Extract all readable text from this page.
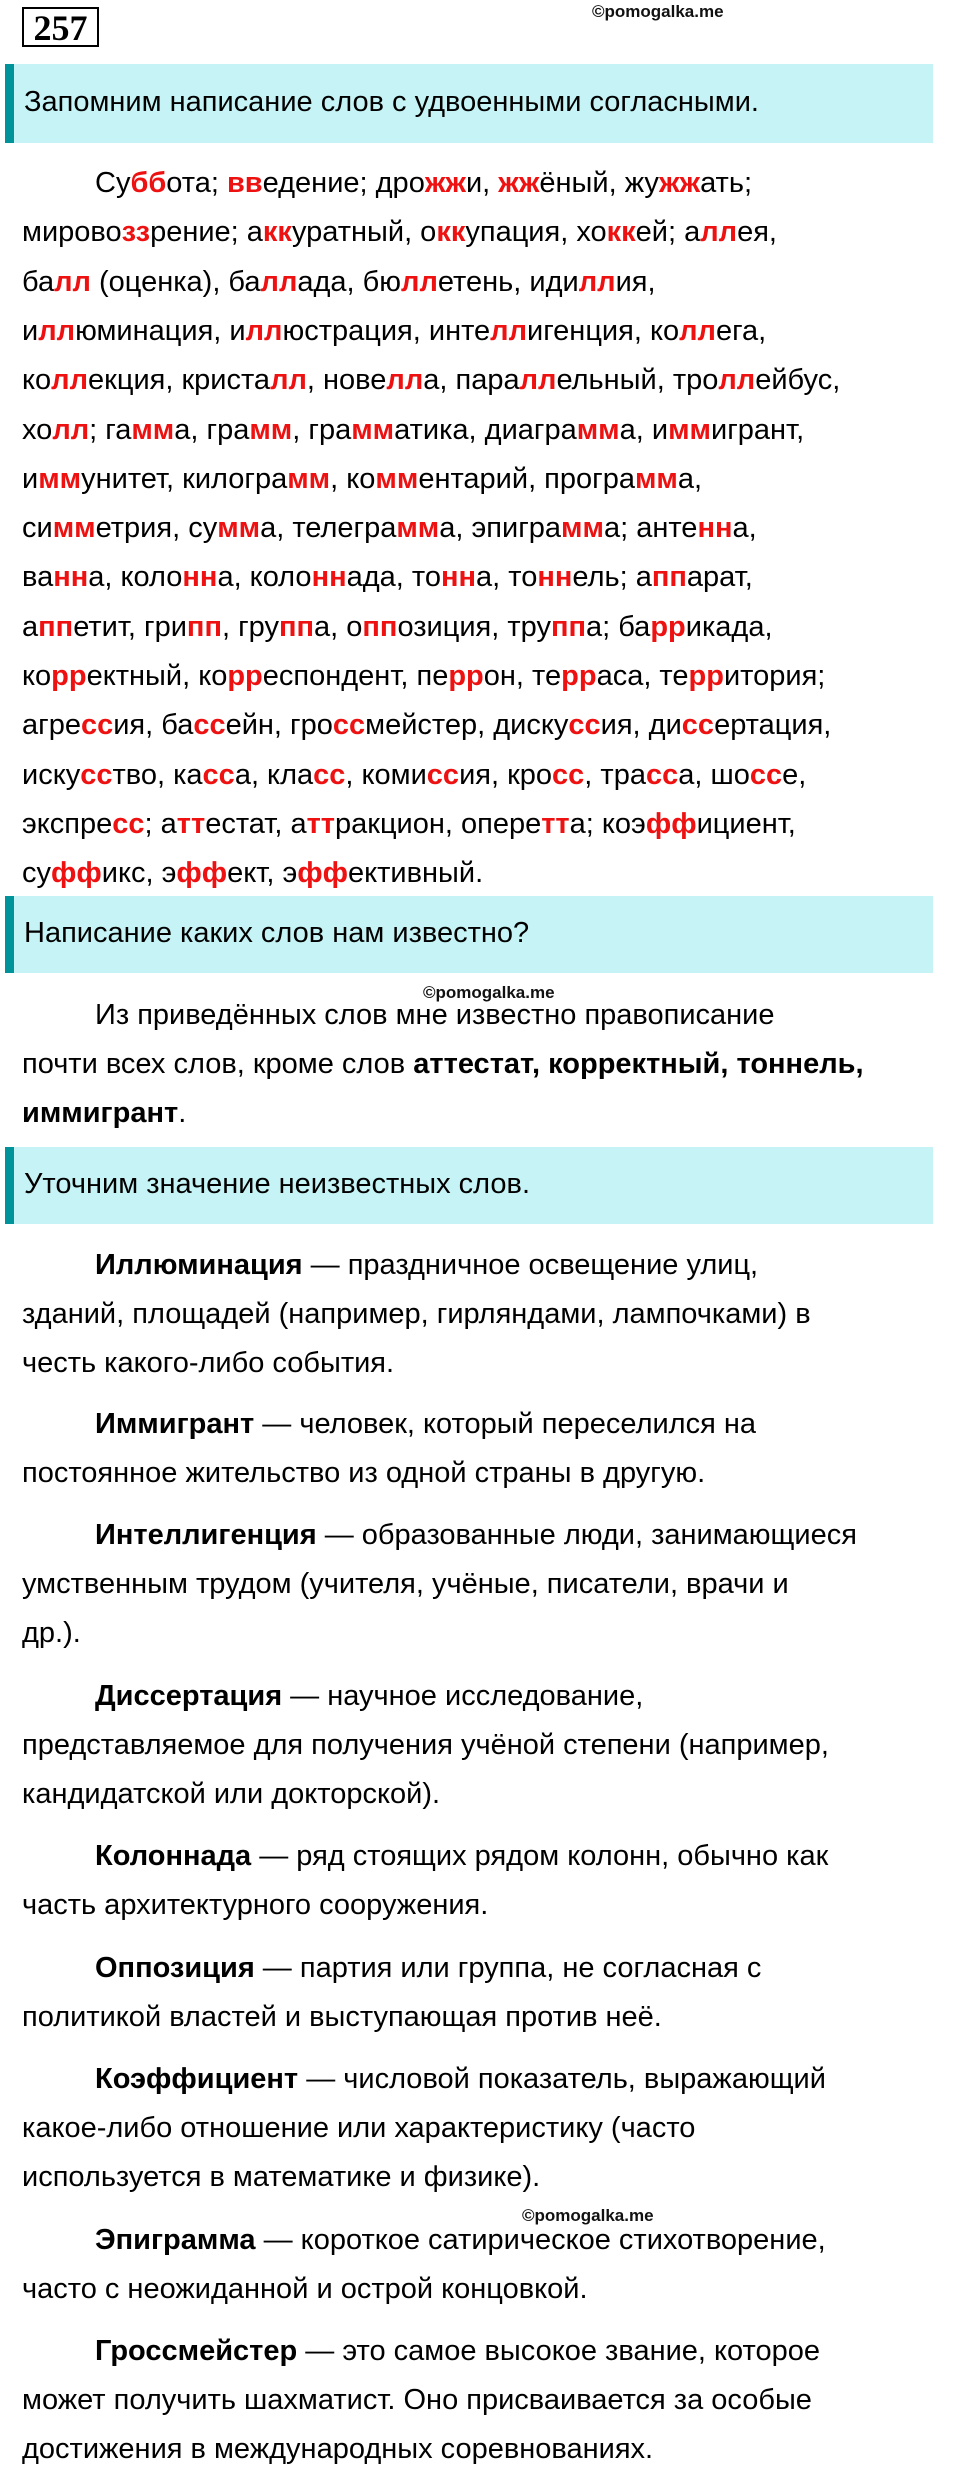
257	©pomogalka.me
Запомним написание слов с удвоенными согласными.
Суббота; введение; дрожжи, жжёный, жужжать;
мировоззрение; аккуратный, оккупация, хоккей; аллея,
балл (оценка), баллада, бюллетень, идиллия,
иллюминация, иллюстрация, интеллигенция, коллега,
коллекция, кристалл, новелла, параллельный, троллейбус,
холл; гамма, грамм, грамматика, диаграмма, иммигрант,
иммунитет, килограмм, комментарий, программа,
симметрия, сумма, телеграмма, эпиграмма; антенна,
ванна, колонна, колоннада, тонна, тоннель; аппарат,
аппетит, грипп, группа, оппозиция, труппа; баррикада,
корректный, корреспондент, перрон, терраса, территория;
агрессия, бассейн, гроссмейстер, дискуссия, диссертация,
искусство, касса, класс, комиссия, кросс, трасса, шоссе,
экспресс; аттестат, аттракцион, оперетта; коэффициент,
суффикс, эффект, эффективный.
Написание каких слов нам известно?
©pomogalka.me
Из приведённых слов мне известно правописание
почти всех слов, кроме слов аттестат, корректный, тоннель,
иммигрант.
Уточним значение неизвестных слов.
Иллюминация — праздничное освещение улиц,
зданий, площадей (например, гирляндами, лампочками) в
честь какого-либо события.
Иммигрант — человек, который переселился на
постоянное жительство из одной страны в другую.
Интеллигенция — образованные люди, занимающиеся
умственным трудом (учителя, учёные, писатели, врачи и
др.).
Диссертация — научное исследование,
представляемое для получения учёной степени (например,
кандидатской или докторской).
Колоннада — ряд стоящих рядом колонн, обычно как
часть архитектурного сооружения.
Оппозиция — партия или группа, не согласная с
политикой властей и выступающая против неё.
Коэффициент — числовой показатель, выражающий
какое-либо отношение или характеристику (часто
используется в математике и физике).
Эпиграмма — короткое сатирическое стихотворение,
часто с неожиданной и острой концовкой.
Гроссмейстер — это самое высокое звание, которое
может получить шахматист. Оно присваивается за особые
достижения в международных соревнованиях.
©pomogalka.me
